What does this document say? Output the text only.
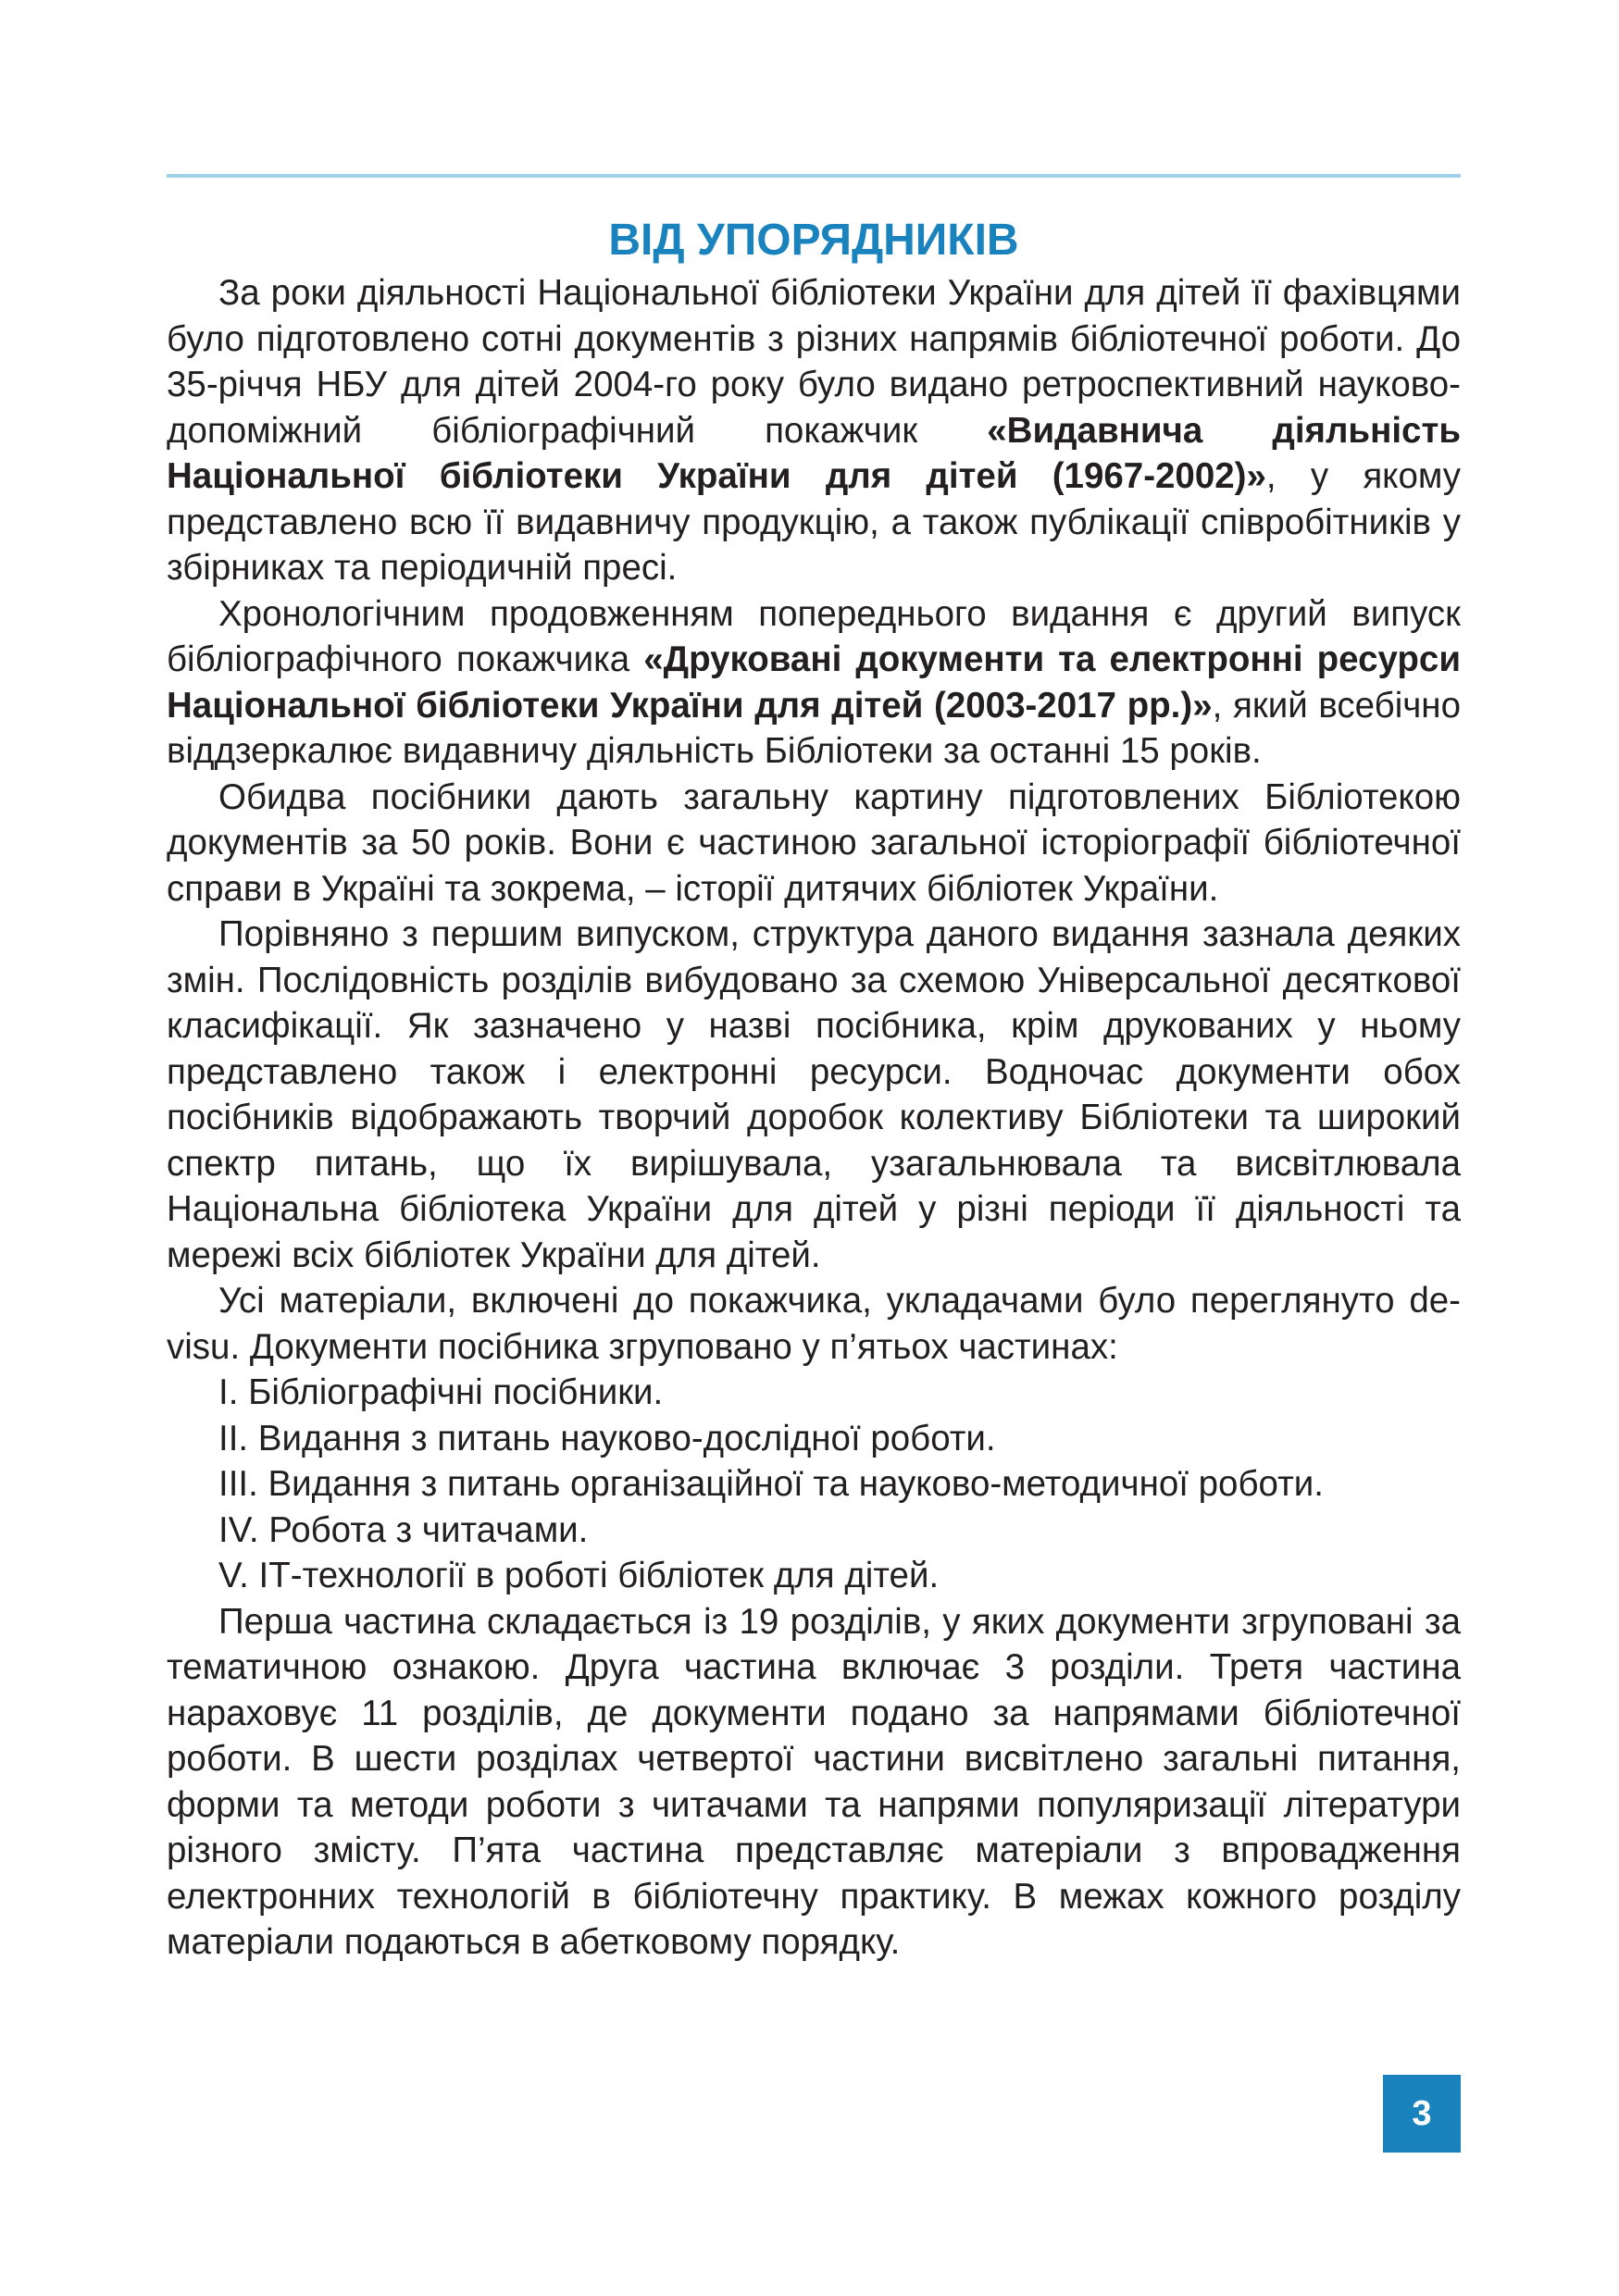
ВІД УПОРЯДНИКІВ

За роки діяльності Національної бібліотеки України для дітей її фахівцями було підготовлено сотні документів з різних напрямів бібліотечної роботи. До 35-річчя НБУ для дітей 2004-го року було видано ретроспективний науково-допоміжний бібліографічний покажчик «Видавнича діяльність Національної бібліотеки України для дітей (1967-2002)», у якому представлено всю її видавничу продукцію, а також публікації співробітників у збірниках та періодичній пресі.

Хронологічним продовженням попереднього видання є другий випуск бібліографічного покажчика «Друковані документи та електронні ресурси Національної бібліотеки України для дітей (2003-2017 рр.)», який всебічно віддзеркалює видавничу діяльність Бібліотеки за останні 15 років.

Обидва посібники дають загальну картину підготовлених Бібліотекою документів за 50 років. Вони є частиною загальної історіографії бібліотечної справи в Україні та зокрема, – історії дитячих бібліотек України.

Порівняно з першим випуском, структура даного видання зазнала деяких змін. Послідовність розділів вибудовано за схемою Універсальної десяткової класифікації. Як зазначено у назві посібника, крім друкованих у ньому представлено також і електронні ресурси. Водночас документи обох посібників відображають творчий доробок колективу Бібліотеки та широкий спектр питань, що їх вирішувала, узагальнювала та висвітлювала Національна бібліотека України для дітей у різні періоди її діяльності та мережі всіх бібліотек України для дітей.

Усі матеріали, включені до покажчика, укладачами було переглянуто de-visu. Документи посібника згруповано у п’ятьох частинах:

I. Бібліографічні посібники.

II. Видання з питань науково-дослідної роботи.

III. Видання з питань організаційної та науково-методичної роботи.

IV. Робота з читачами.

V. ІТ-технології в роботі бібліотек для дітей.

Перша частина складається із 19 розділів, у яких документи згруповані за тематичною ознакою. Друга частина включає 3 розділи. Третя частина нараховує 11 розділів, де документи подано за напрямами бібліотечної роботи. В шести розділах четвертої частини висвітлено загальні питання, форми та методи роботи з читачами та напрями популяризації літератури різного змісту. П’ята частина представляє матеріали з впровадження електронних технологій в бібліотечну практику. В межах кожного розділу матеріали подаються в абетковому порядку.

3
